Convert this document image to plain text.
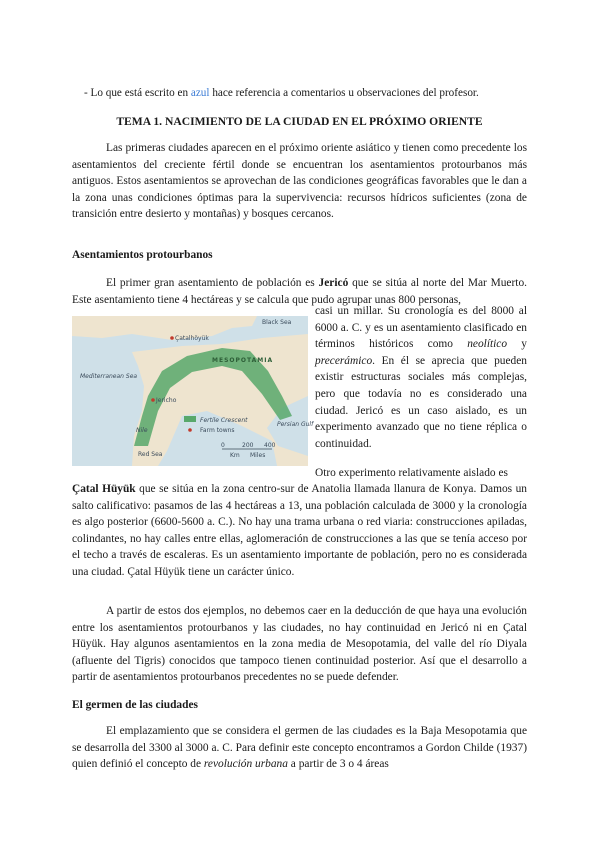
- Lo que está escrito en azul hace referencia a comentarios u observaciones del profesor.
TEMA 1. NACIMIENTO DE LA CIUDAD EN EL PRÓXIMO ORIENTE

Las primeras ciudades aparecen en el próximo oriente asiático y tienen como precedente los asentamientos del creciente fértil donde se encuentran los asentamientos protourbanos más antiguos. Estos asentamientos se aprovechan de las condiciones geográficas favorables que le dan a la zona unas condiciones óptimas para la supervivencia: recursos hídricos suficientes (zona de transición entre desierto y montañas) y bosques cercanos.

Asentamientos protourbanos

El primer gran asentamiento de población es Jericó que se sitúa al norte del Mar Muerto. Este asentamiento tiene 4 hectáreas y se calcula que pudo agrupar unas 800 personas,

Black Sea
Çatalhöyük
MESOPOTAMIA
Mediterranean Sea
Jericho
Nile
Red Sea
Persian Gulf
Fertile Crescent
Farm towns
0	200 400
Km Miles

casi un millar. Su cronología es del 8000 al 6000 a. C. y es un asentamiento clasificado en términos históricos como neolítico y precerámico. En él se aprecia que pueden existir estructuras sociales más complejas, pero que todavía no es considerado una ciudad. Jericó es un caso aislado, es un experimento avanzado que no tiene réplica o continuidad.

Otro experimento relativamente aislado es

Çatal Hüyük que se sitúa en la zona centro-sur de Anatolia llamada llanura de Konya. Damos un salto calificativo: pasamos de las 4 hectáreas a 13, una población calculada de 3000 y la cronología es algo posterior (6600-5600 a. C.). No hay una trama urbana o red viaria: construcciones apiladas, colindantes, no hay calles entre ellas, aglomeración de construcciones a las que se tenía acceso por el techo a través de escaleras. Es un asentamiento importante de población, pero no es considerada una ciudad. Çatal Hüyük tiene un carácter único.

A partir de estos dos ejemplos, no debemos caer en la deducción de que haya una evolución entre los asentamientos protourbanos y las ciudades, no hay continuidad en Jericó ni en Çatal Hüyük. Hay algunos asentamientos en la zona media de Mesopotamia, del valle del río Diyala (afluente del Tigris) conocidos que tampoco tienen continuidad posterior. Así que el desarrollo a partir de asentamientos protourbanos precedentes no se puede defender.

El germen de las ciudades

El emplazamiento que se considera el germen de las ciudades es la Baja Mesopotamia que se desarrolla del 3300 al 3000 a. C. Para definir este concepto encontramos a Gordon Childe (1937) quien definió el concepto de revolución urbana a partir de 3 o 4 áreas
